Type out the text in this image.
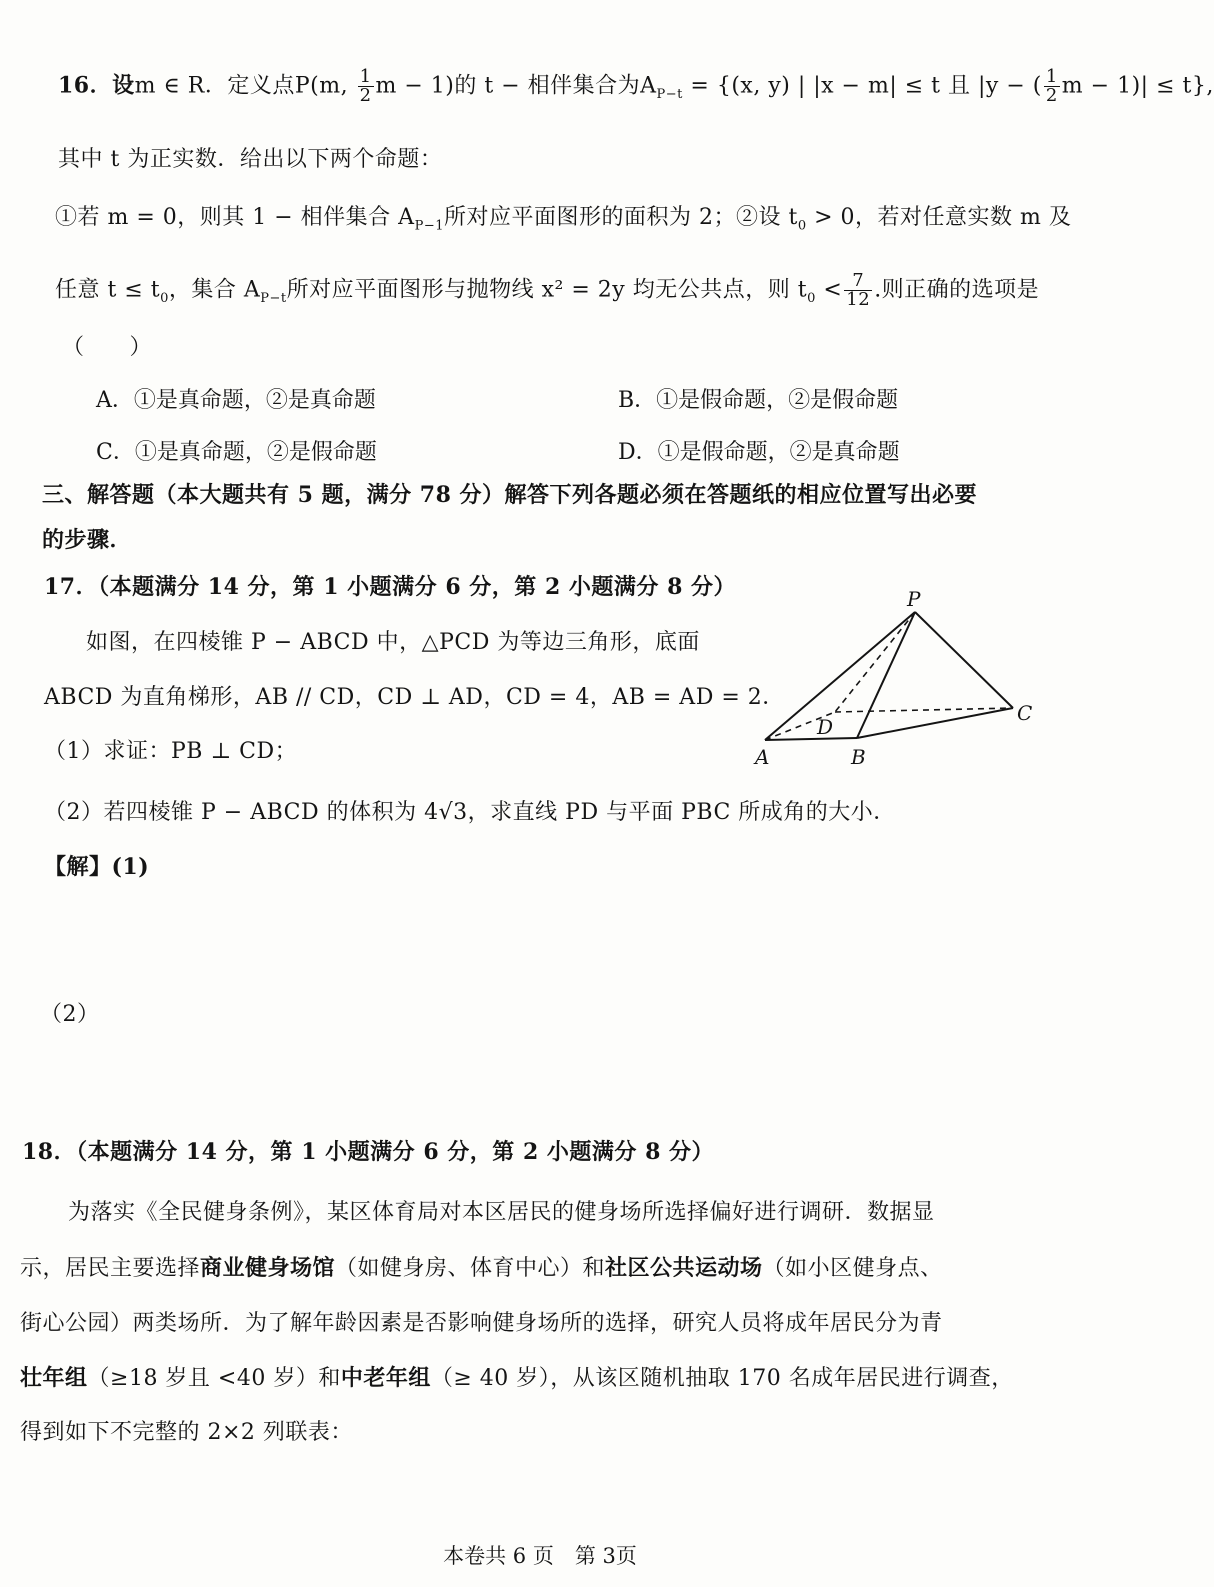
16．设m ∈ R．定义点P(m, $\frac{1}{2}$ m − 1)的 t − 相伴集合为$A_{P-t} = \{(x$, y) | |x − m| ≤ t 且 |y − ( $\frac{1}{2}$ m − 1)| ≤ t},
其中 t 为正实数．给出以下两个命题：
①若 m = 0，则其 1 − 相伴集合 $A_{P-1}$所对应平面图形的面积为 2；②设 $t_0 > 0$，若对任意实数 m 及
任意 $t \le t_0$，集合 $A_{P-t}$所对应平面图形与抛物线 x² = 2y 均无公共点，则 $t_0 < \frac{7}{12}$ .则正确的选项是
（　　）
A．①是真命题，②是真命题	B．①是假命题，②是假命题
C．①是真命题，②是假命题	D．①是假命题，②是真命题
三、解答题（本大题共有 5 题，满分 78 分）解答下列各题必须在答题纸的相应位置写出必要
的步骤．
17．（本题满分 14 分，第 1 小题满分 6 分，第 2 小题满分 8 分）
如图，在四棱锥 P − ABCD 中，△PCD 为等边三角形，底面
ABCD 为直角梯形，AB // CD，CD ⊥ AD，CD = 4，AB = AD = 2．
（1）求证：PB ⊥ CD；
（2）若四棱锥 P − ABCD 的体积为 4√3，求直线 PD 与平面 PBC 所成角的大小．
【解】(1)
（2）
P
A	B
C
D
18．（本题满分 14 分，第 1 小题满分 6 分，第 2 小题满分 8 分）
为落实《全民健身条例》，某区体育局对本区居民的健身场所选择偏好进行调研．数据显
示，居民主要选择商业健身场馆（如健身房、体育中心）和社区公共运动场（如小区健身点、
街心公园）两类场所．为了解年龄因素是否影响健身场所的选择，研究人员将成年居民分为青
壮年组（≥18 岁且 <40 岁）和中老年组（≥ 40 岁），从该区随机抽取 170 名成年居民进行调查，
得到如下不完整的 2×2 列联表：
本卷共 6 页　第 3页
